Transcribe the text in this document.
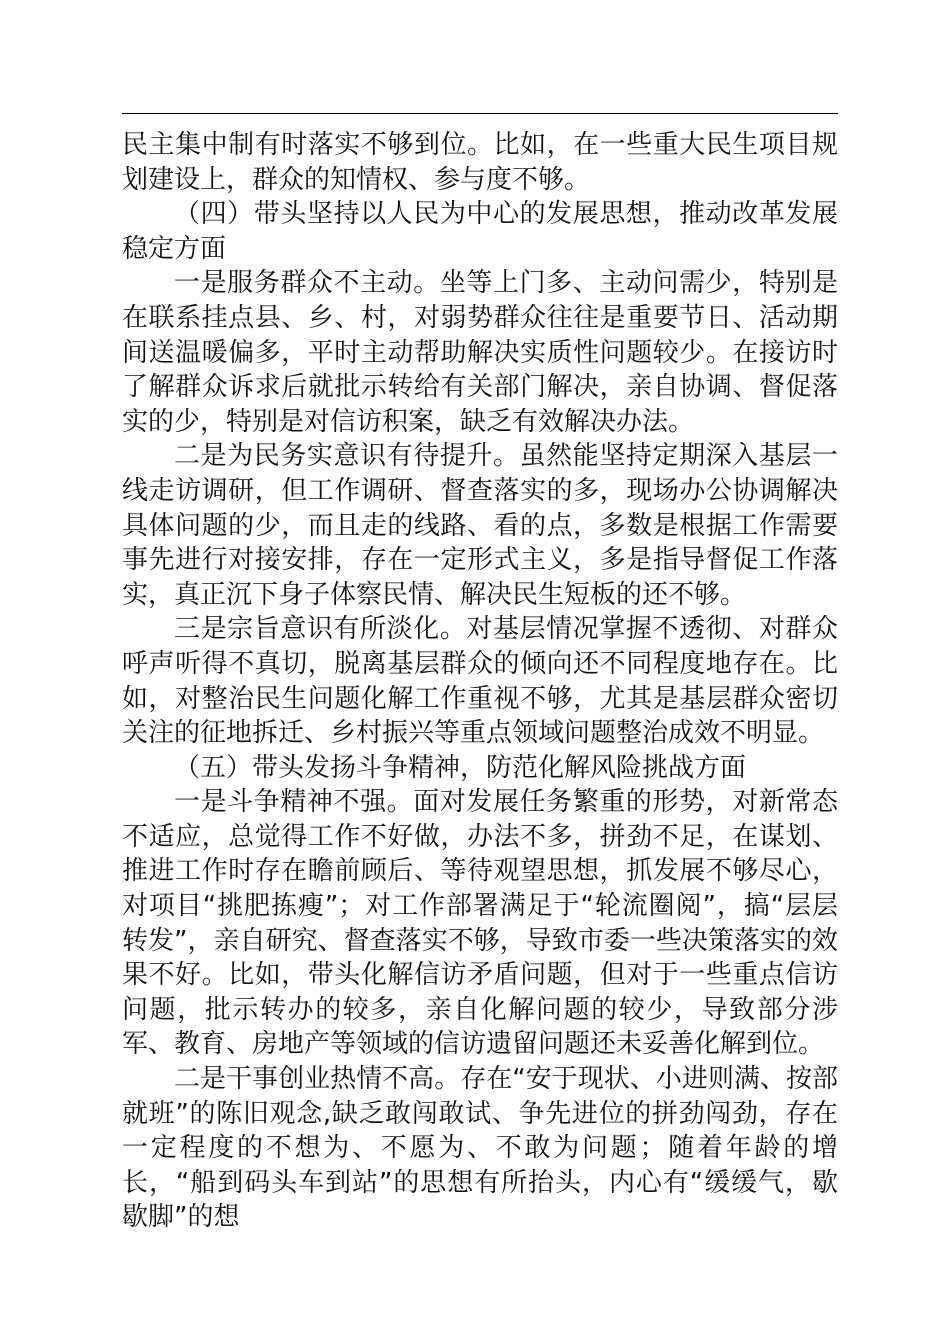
民主集中制有时落实不够到位。比如，在一些重大民生项目规划建设上，群众的知情权、参与度不够。

（四）带头坚持以人民为中心的发展思想，推动改革发展稳定方面

一是服务群众不主动。坐等上门多、主动问需少，特别是在联系挂点县、乡、村，对弱势群众往往是重要节日、活动期间送温暖偏多，平时主动帮助解决实质性问题较少。在接访时了解群众诉求后就批示转给有关部门解决，亲自协调、督促落实的少，特别是对信访积案，缺乏有效解决办法。

二是为民务实意识有待提升。虽然能坚持定期深入基层一线走访调研，但工作调研、督查落实的多，现场办公协调解决具体问题的少，而且走的线路、看的点，多数是根据工作需要事先进行对接安排，存在一定形式主义，多是指导督促工作落实，真正沉下身子体察民情、解决民生短板的还不够。

三是宗旨意识有所淡化。对基层情况掌握不透彻、对群众呼声听得不真切，脱离基层群众的倾向还不同程度地存在。比如，对整治民生问题化解工作重视不够，尤其是基层群众密切关注的征地拆迁、乡村振兴等重点领域问题整治成效不明显。

（五）带头发扬斗争精神，防范化解风险挑战方面

一是斗争精神不强。面对发展任务繁重的形势，对新常态不适应，总觉得工作不好做，办法不多，拼劲不足，在谋划、推进工作时存在瞻前顾后、等待观望思想，抓发展不够尽心，对项目“挑肥拣瘦”；对工作部署满足于“轮流圈阅”，搞“层层转发”，亲自研究、督查落实不够，导致市委一些决策落实的效果不好。比如，带头化解信访矛盾问题，但对于一些重点信访问题，批示转办的较多，亲自化解问题的较少，导致部分涉军、教育、房地产等领域的信访遗留问题还未妥善化解到位。

二是干事创业热情不高。存在“安于现状、小进则满、按部就班”的陈旧观念,缺乏敢闯敢试、争先进位的拼劲闯劲，存在一定程度的不想为、不愿为、不敢为问题；随着年龄的增长，“船到码头车到站”的思想有所抬头，内心有“缓缓气，歇歇脚”的想
